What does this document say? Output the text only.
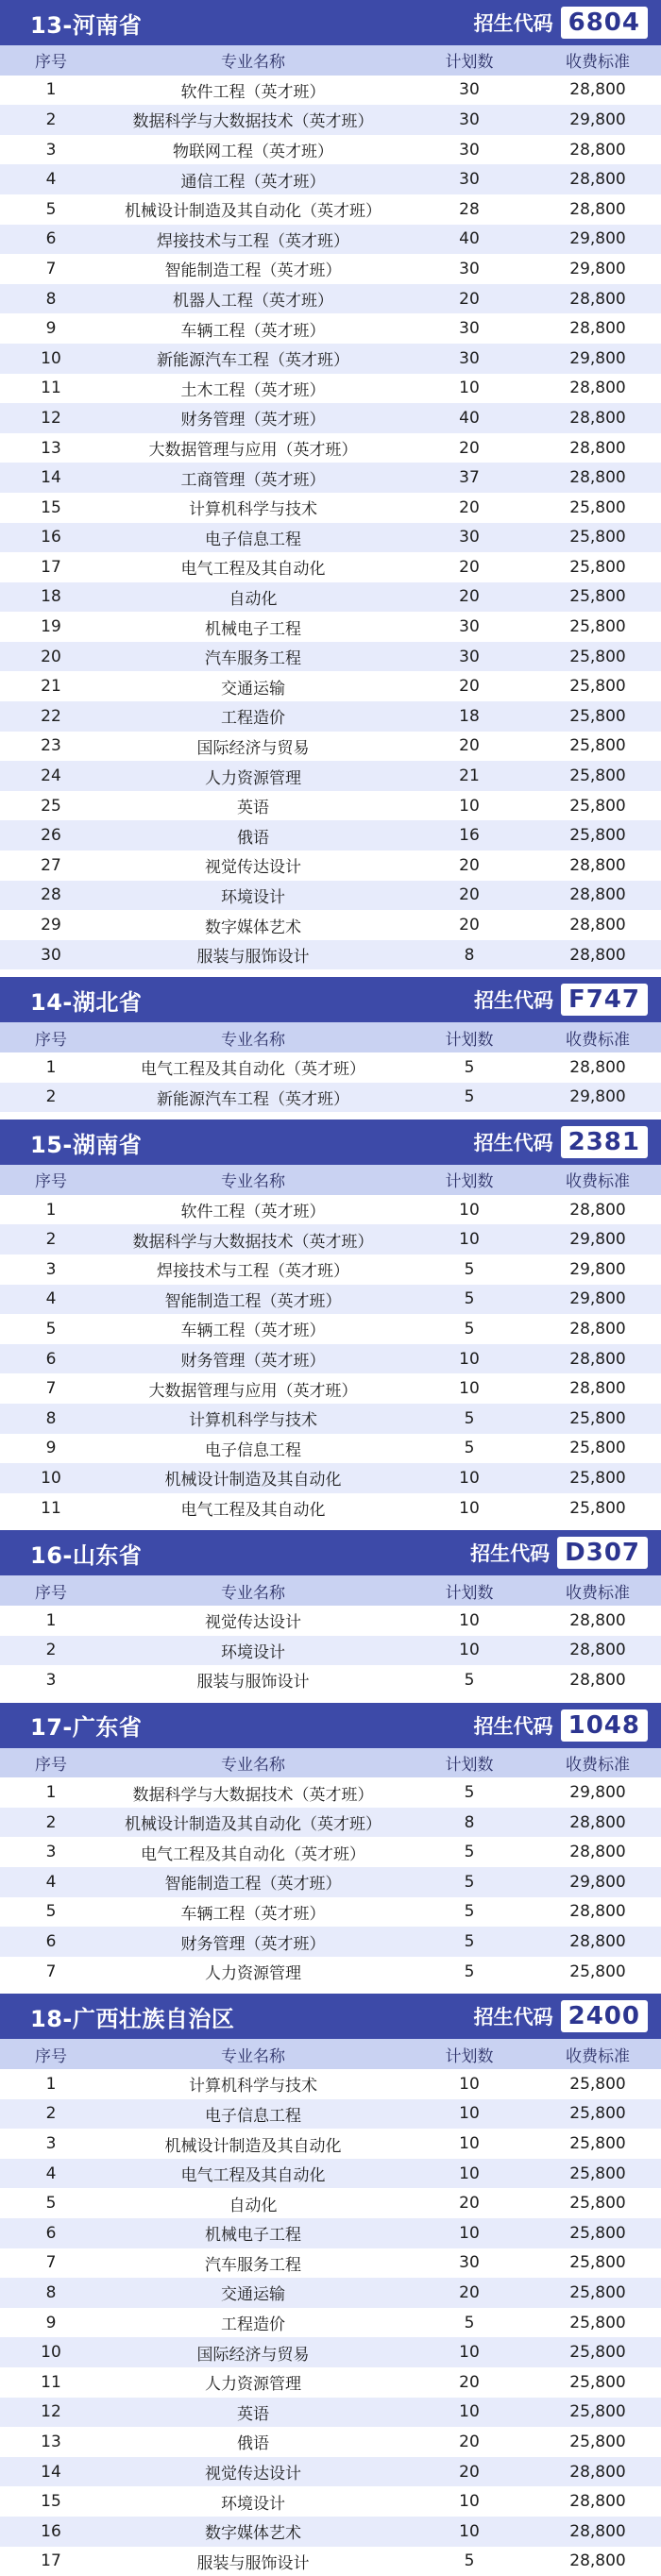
13-河南省	招生代码 6804
序号	专业名称	计划数	收费标准
1	软件工程（英才班）	30	28,800
2	数据科学与大数据技术（英才班）	30	29,800
3	物联网工程（英才班）	30	28,800
4	通信工程（英才班）	30	28,800
5	机械设计制造及其自动化（英才班）	28	28,800
6	焊接技术与工程（英才班）	40	29,800
7	智能制造工程（英才班）	30	29,800
8	机器人工程（英才班）	20	28,800
9	车辆工程（英才班）	30	28,800
10	新能源汽车工程（英才班）	30	29,800
11	土木工程（英才班）	10	28,800
12	财务管理（英才班）	40	28,800
13	大数据管理与应用（英才班）	20	28,800
14	工商管理（英才班）	37	28,800
15	计算机科学与技术	20	25,800
16	电子信息工程	30	25,800
17	电气工程及其自动化	20	25,800
18	自动化	20	25,800
19	机械电子工程	30	25,800
20	汽车服务工程	30	25,800
21	交通运输	20	25,800
22	工程造价	18	25,800
23	国际经济与贸易	20	25,800
24	人力资源管理	21	25,800
25	英语	10	25,800
26	俄语	16	25,800
27	视觉传达设计	20	28,800
28	环境设计	20	28,800
29	数字媒体艺术	20	28,800
30	服装与服饰设计	8	28,800
14-湖北省	招生代码 F747
序号	专业名称	计划数	收费标准
1	电气工程及其自动化（英才班）	5	28,800
2	新能源汽车工程（英才班）	5	29,800
15-湖南省	招生代码 2381
序号	专业名称	计划数	收费标准
1	软件工程（英才班）	10	28,800
2	数据科学与大数据技术（英才班）	10	29,800
3	焊接技术与工程（英才班）	5	29,800
4	智能制造工程（英才班）	5	29,800
5	车辆工程（英才班）	5	28,800
6	财务管理（英才班）	10	28,800
7	大数据管理与应用（英才班）	10	28,800
8	计算机科学与技术	5	25,800
9	电子信息工程	5	25,800
10	机械设计制造及其自动化	10	25,800
11	电气工程及其自动化	10	25,800
16-山东省	招生代码 D307
序号	专业名称	计划数	收费标准
1	视觉传达设计	10	28,800
2	环境设计	10	28,800
3	服装与服饰设计	5	28,800
17-广东省	招生代码 1048
序号	专业名称	计划数	收费标准
1	数据科学与大数据技术（英才班）	5	29,800
2	机械设计制造及其自动化（英才班）	8	28,800
3	电气工程及其自动化（英才班）	5	28,800
4	智能制造工程（英才班）	5	29,800
5	车辆工程（英才班）	5	28,800
6	财务管理（英才班）	5	28,800
7	人力资源管理	5	25,800
18-广西壮族自治区	招生代码 2400
序号	专业名称	计划数	收费标准
1	计算机科学与技术	10	25,800
2	电子信息工程	10	25,800
3	机械设计制造及其自动化	10	25,800
4	电气工程及其自动化	10	25,800
5	自动化	20	25,800
6	机械电子工程	10	25,800
7	汽车服务工程	30	25,800
8	交通运输	20	25,800
9	工程造价	5	25,800
10	国际经济与贸易	10	25,800
11	人力资源管理	20	25,800
12	英语	10	25,800
13	俄语	20	25,800
14	视觉传达设计	20	28,800
15	环境设计	10	28,800
16	数字媒体艺术	10	28,800
17	服装与服饰设计	5	28,800
